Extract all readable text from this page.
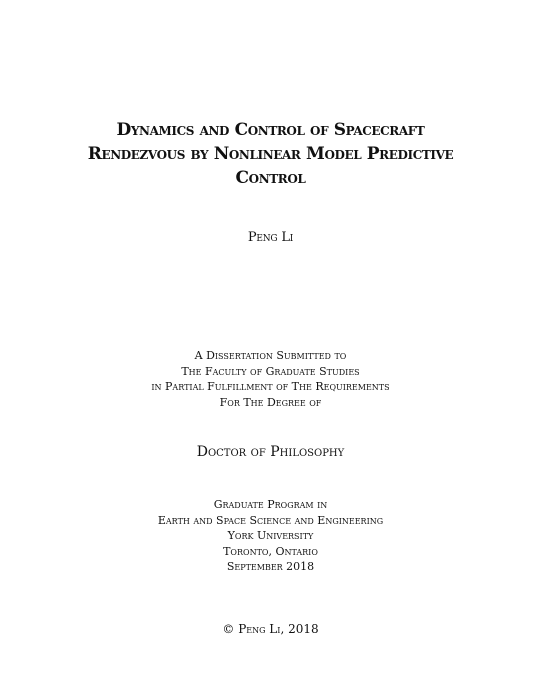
Dynamics and Control of Spacecraft
Rendezvous by Nonlinear Model Predictive
Control
Peng Li
A Dissertation Submitted to
The Faculty of Graduate Studies
in Partial Fulfillment of The Requirements
For The Degree of
Doctor of Philosophy
Graduate Program in
Earth and Space Science and Engineering
York University
Toronto, Ontario
September 2018
© Peng Li, 2018
